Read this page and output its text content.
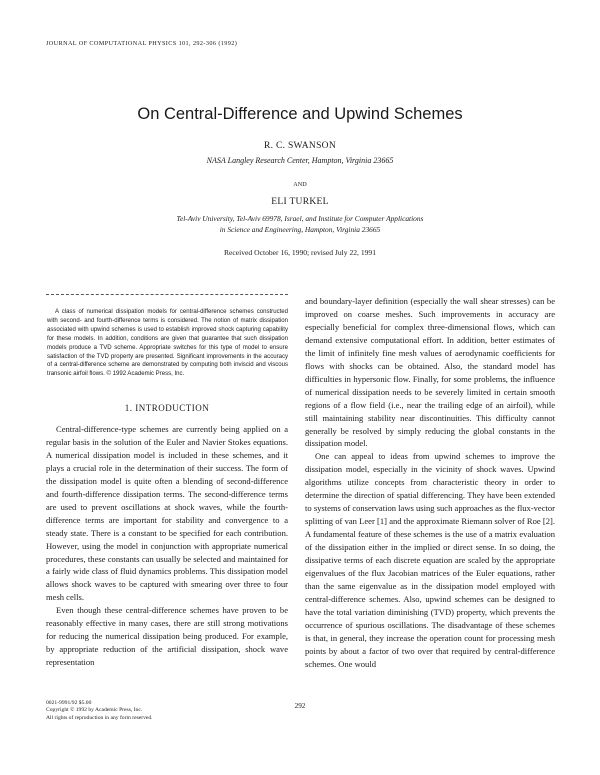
JOURNAL OF COMPUTATIONAL PHYSICS 101, 292-306 (1992)
On Central-Difference and Upwind Schemes
R. C. SWANSON
NASA Langley Research Center, Hampton, Virginia 23665
AND
ELI TURKEL
Tel-Aviv University, Tel-Aviv 69978, Israel, and Institute for Computer Applications
in Science and Engineering, Hampton, Virginia 23665
Received October 16, 1990; revised July 22, 1991

A class of numerical dissipation models for central-difference schemes constructed with second- and fourth-difference terms is considered. The notion of matrix dissipation associated with upwind schemes is used to establish improved shock capturing capability for these models. In addition, conditions are given that guarantee that such dissipation models produce a TVD scheme. Appropriate switches for this type of model to ensure satisfaction of the TVD property are presented. Significant improvements in the accuracy of a central-difference scheme are demonstrated by computing both inviscid and viscous transonic airfoil flows. © 1992 Academic Press, Inc.

1. INTRODUCTION

Central-difference-type schemes are currently being applied on a regular basis in the solution of the Euler and Navier Stokes equations. A numerical dissipation model is included in these schemes, and it plays a crucial role in the determination of their success. The form of the dissipation model is quite often a blending of second-difference and fourth-difference dissipation terms. The second-difference terms are used to prevent oscillations at shock waves, while the fourth-difference terms are important for stability and convergence to a steady state. There is a constant to be specified for each contribution. However, using the model in conjunction with appropriate numerical procedures, these constants can usually be selected and maintained for a fairly wide class of fluid dynamics problems. This dissipation model allows shock waves to be captured with smearing over three to four mesh cells.

Even though these central-difference schemes have proven to be reasonably effective in many cases, there are still strong motivations for reducing the numerical dissipation being produced. For example, by appropriate reduction of the artificial dissipation, shock wave representation

and boundary-layer definition (especially the wall shear stresses) can be improved on coarse meshes. Such improvements in accuracy are especially beneficial for complex three-dimensional flows, which can demand extensive computational effort. In addition, better estimates of the limit of infinitely fine mesh values of aerodynamic coefficients for flows with shocks can be obtained. Also, the standard model has difficulties in hypersonic flow. Finally, for some problems, the influence of numerical dissipation needs to be severely limited in certain smooth regions of a flow field (i.e., near the trailing edge of an airfoil), while still maintaining stability near discontinuities. This difficulty cannot generally be resolved by simply reducing the global constants in the dissipation model.

One can appeal to ideas from upwind schemes to improve the dissipation model, especially in the vicinity of shock waves. Upwind algorithms utilize concepts from characteristic theory in order to determine the direction of spatial differencing. They have been extended to systems of conservation laws using such approaches as the flux-vector splitting of van Leer [1] and the approximate Riemann solver of Roe [2]. A fundamental feature of these schemes is the use of a matrix evaluation of the dissipation either in the implied or direct sense. In so doing, the dissipative terms of each discrete equation are scaled by the appropriate eigenvalues of the flux Jacobian matrices of the Euler equations, rather than the same eigenvalue as in the dissipation model employed with central-difference schemes. Also, upwind schemes can be designed to have the total variation diminishing (TVD) property, which prevents the occurrence of spurious oscillations. The disadvantage of these schemes is that, in general, they increase the operation count for processing mesh points by about a factor of two over that required by central-difference schemes. One would

0021-9991/92 $5.00
Copyright © 1992 by Academic Press, Inc.
All rights of reproduction in any form reserved.
292
